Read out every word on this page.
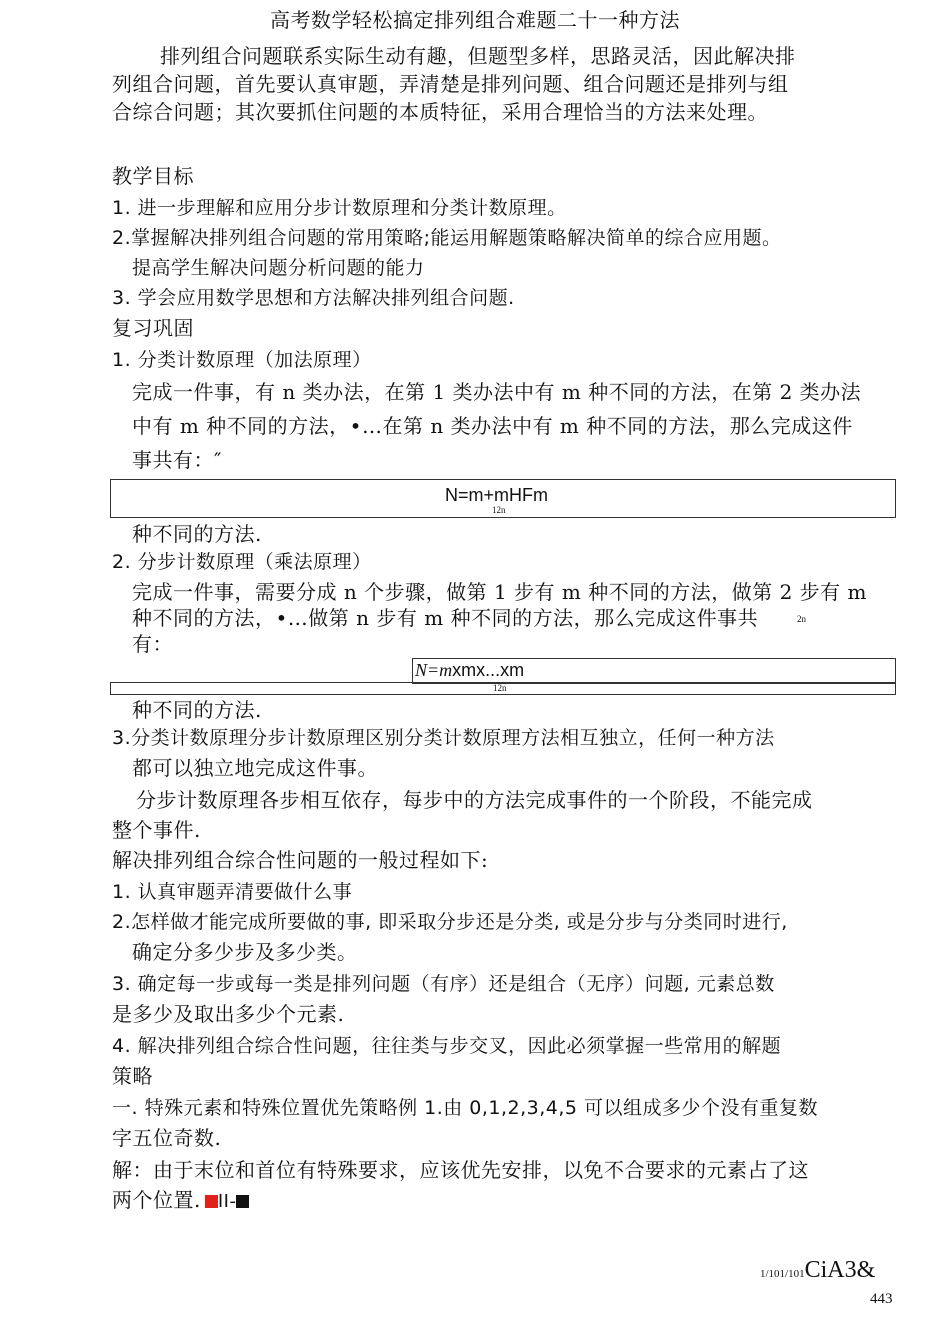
高考数学轻松搞定排列组合难题二十一种方法
排列组合问题联系实际生动有趣，但题型多样，思路灵活，因此解决排
列组合问题，首先要认真审题，弄清楚是排列问题、组合问题还是排列与组
合综合问题；其次要抓住问题的本质特征，采用合理恰当的方法来处理。
教学目标
1. 进一步理解和应用分步计数原理和分类计数原理。
2.掌握解决排列组合问题的常用策略;能运用解题策略解决简单的综合应用题。
提高学生解决问题分析问题的能力
3. 学会应用数学思想和方法解决排列组合问题.
复习巩固
1. 分类计数原理（加法原理）
完成一件事，有 n 类办法，在第 1 类办法中有 m 种不同的方法，在第 2 类办法
中有 m 种不同的方法，•…在第 n 类办法中有 m 种不同的方法，那么完成这件
事共有：″
N=m+mHFm
12n
种不同的方法.
2. 分步计数原理（乘法原理）
完成一件事，需要分成 n 个步骤，做第 1 步有 m 种不同的方法，做第 2 步有 m
种不同的方法，•…做第 n 步有 m 种不同的方法，那么完成这件事共	2n
有：
N=mxmx...xm
12n
种不同的方法.
3.分类计数原理分步计数原理区别分类计数原理方法相互独立，任何一种方法
都可以独立地完成这件事。
分步计数原理各步相互依存，每步中的方法完成事件的一个阶段，不能完成
整个事件.
解决排列组合综合性问题的一般过程如下:
1. 认真审题弄清要做什么事
2.怎样做才能完成所要做的事, 即采取分步还是分类, 或是分步与分类同时进行,
确定分多少步及多少类。
3. 确定每一步或每一类是排列问题（有序）还是组合（无序）问题, 元素总数
是多少及取出多少个元素.
4. 解决排列组合综合性问题，往往类与步交叉，因此必须掌握一些常用的解题
策略
一. 特殊元素和特殊位置优先策略例 1.由 0,1,2,3,4,5 可以组成多少个没有重复数
字五位奇数.
解：由于末位和首位有特殊要求，应该优先安排，以免不合要求的元素占了这
两个位置. II-
1/101/101CiA3&
443
